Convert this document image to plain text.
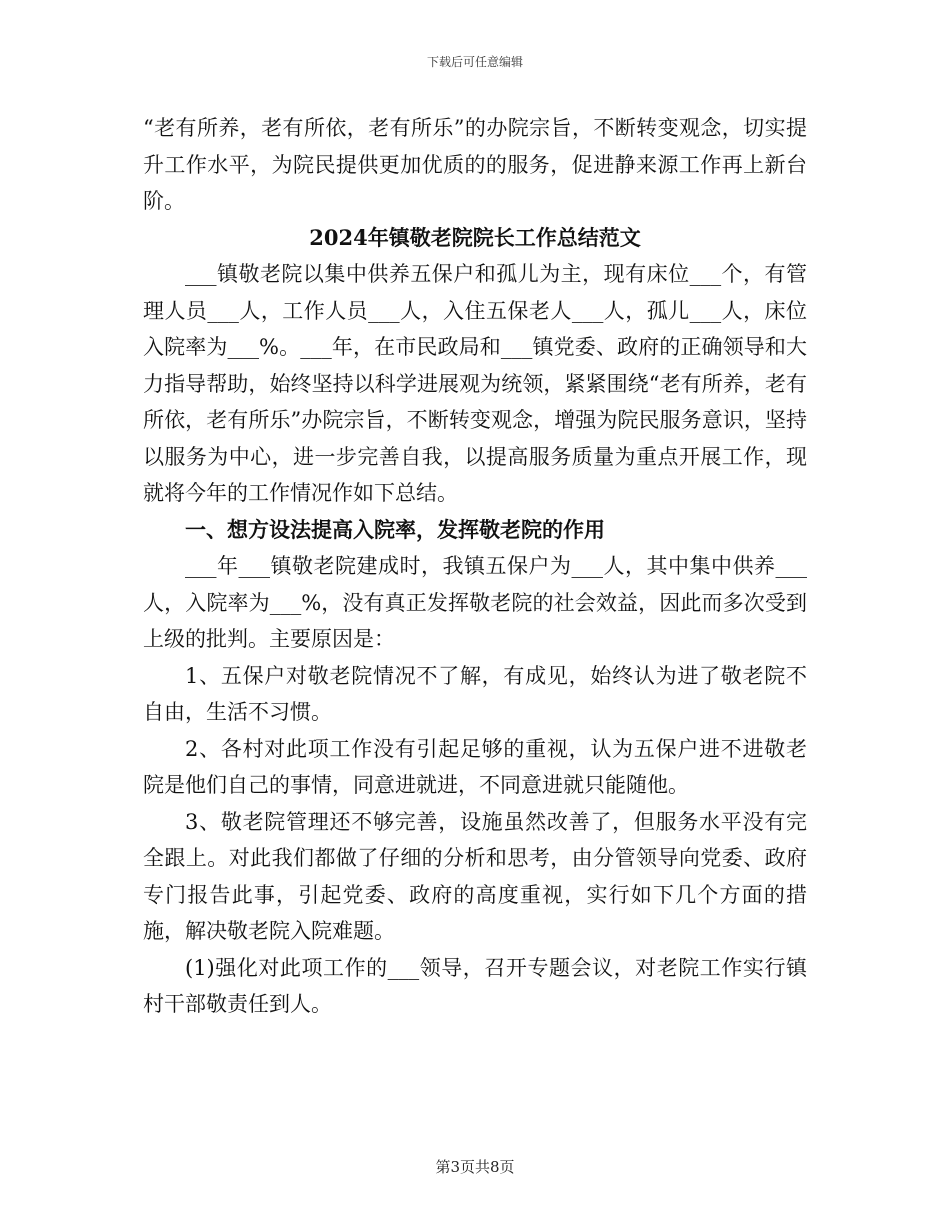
下载后可任意编辑

“老有所养，老有所依，老有所乐”的办院宗旨，不断转变观念，切实提升工作水平，为院民提供更加优质的的服务，促进静来源工作再上新台阶。

2024年镇敬老院院长工作总结范文

___镇敬老院以集中供养五保户和孤儿为主，现有床位___个，有管理人员___人，工作人员___人，入住五保老人___人，孤儿___人，床位入院率为___%。___年，在市民政局和___镇党委、政府的正确领导和大力指导帮助，始终坚持以科学进展观为统领，紧紧围绕“老有所养，老有所依，老有所乐”办院宗旨，不断转变观念，增强为院民服务意识，坚持以服务为中心，进一步完善自我，以提高服务质量为重点开展工作，现就将今年的工作情况作如下总结。

一、想方设法提高入院率，发挥敬老院的作用

___年___镇敬老院建成时，我镇五保户为___人，其中集中供养___人，入院率为___%，没有真正发挥敬老院的社会效益，因此而多次受到上级的批判。主要原因是：

1、五保户对敬老院情况不了解，有成见，始终认为进了敬老院不自由，生活不习惯。

2、各村对此项工作没有引起足够的重视，认为五保户进不进敬老院是他们自己的事情，同意进就进，不同意进就只能随他。

3、敬老院管理还不够完善，设施虽然改善了，但服务水平没有完全跟上。对此我们都做了仔细的分析和思考，由分管领导向党委、政府专门报告此事，引起党委、政府的高度重视，实行如下几个方面的措施，解决敬老院入院难题。

(1)强化对此项工作的___领导，召开专题会议，对老院工作实行镇村干部敬责任到人。

第3页共8页
